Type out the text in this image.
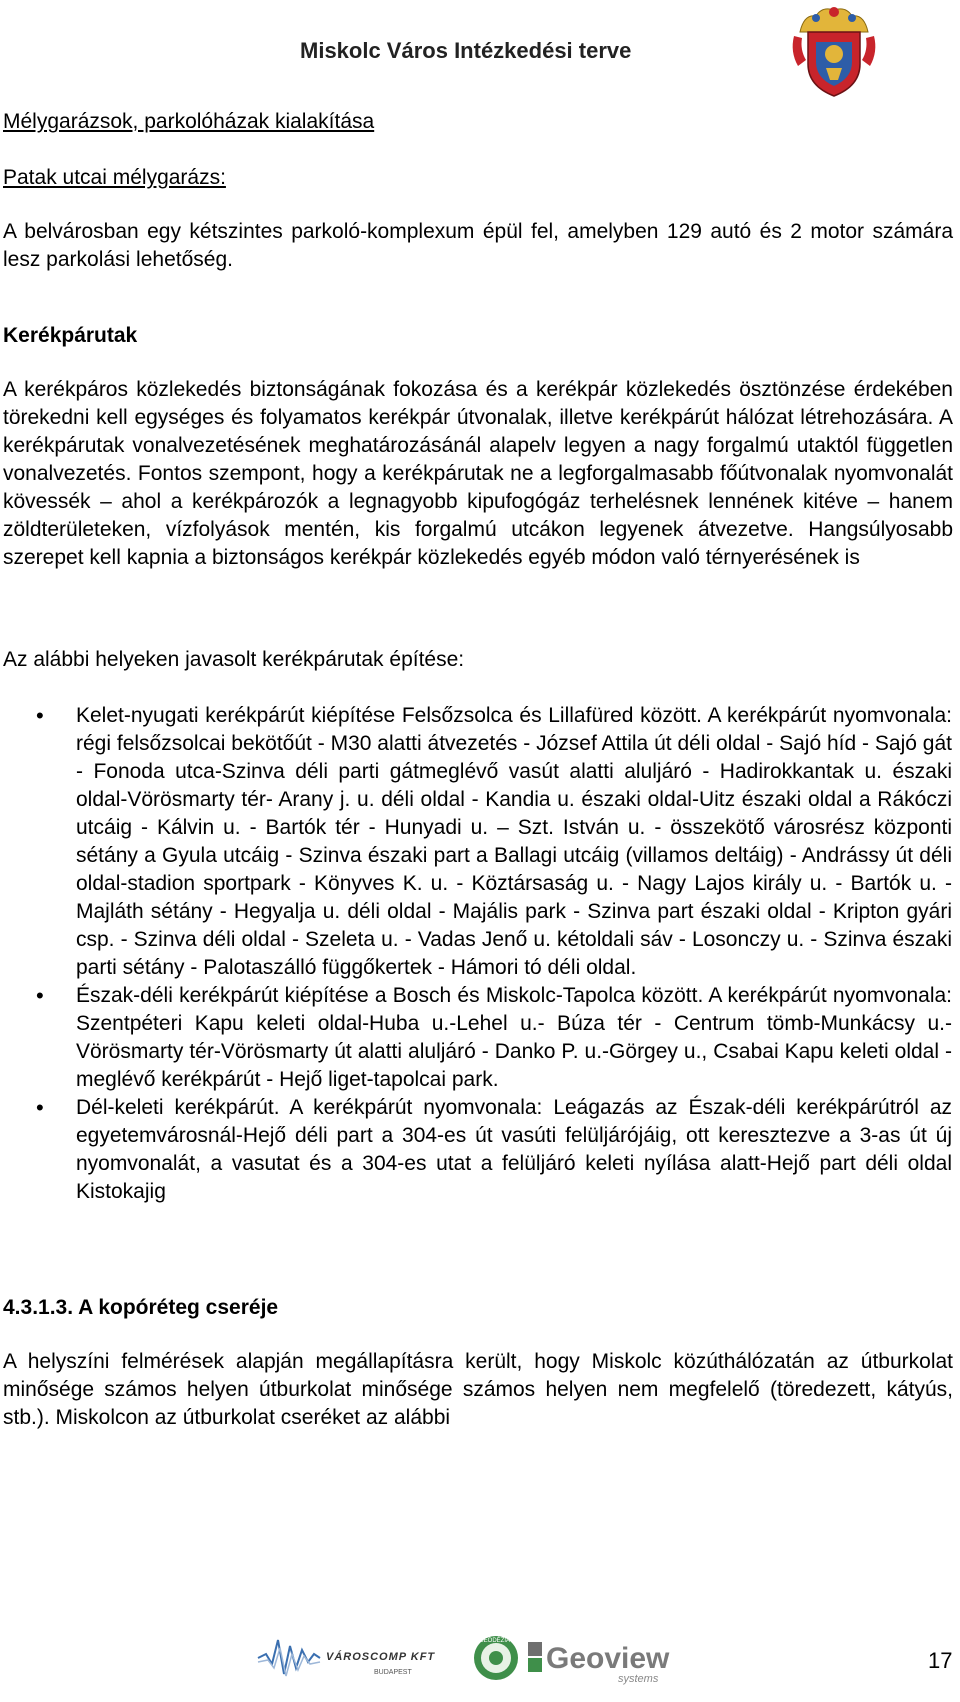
Miskolc Város Intézkedési terve
Mélygarázsok, parkolóházak kialakítása
Patak utcai mélygarázs:
A belvárosban egy kétszintes parkoló-komplexum épül fel, amelyben 129 autó és 2 motor számára lesz parkolási lehetőség.
Kerékpárutak
A kerékpáros közlekedés biztonságának fokozása és a kerékpár közlekedés ösztönzése érdekében törekedni kell egységes és folyamatos kerékpár útvonalak, illetve kerékpárút hálózat létrehozására. A kerékpárutak vonalvezetésének meghatározásánál alapelv legyen a nagy forgalmú utaktól független vonalvezetés. Fontos szempont, hogy a kerékpárutak ne a legforgalmasabb főútvonalak nyomvonalát kövessék – ahol a kerékpározók a legnagyobb kipufogógáz terhelésnek lennének kitéve – hanem zöldterületeken, vízfolyások mentén, kis forgalmú utcákon legyenek átvezetve. Hangsúlyosabb szerepet kell kapnia a biztonságos kerékpár közlekedés egyéb módon való térnyerésének is
Az alábbi helyeken javasolt kerékpárutak építése:
• Kelet-nyugati kerékpárút kiépítése Felsőzsolca és Lillafüred között. A kerékpárút nyomvonala: régi felsőzsolcai bekötőút - M30 alatti átvezetés - József Attila út déli oldal - Sajó híd - Sajó gát - Fonoda utca-Szinva déli parti gátmeglévő vasút alatti aluljáró - Hadirokkantak u. északi oldal-Vörösmarty tér- Arany j. u. déli oldal - Kandia u. északi oldal-Uitz északi oldal a Rákóczi utcáig - Kálvin u. - Bartók tér - Hunyadi u. – Szt. István u. - összekötő városrész központi sétány a Gyula utcáig - Szinva északi part a Ballagi utcáig (villamos deltáig) - Andrássy út déli oldal-stadion sportpark - Könyves K. u. - Köztársaság u. - Nagy Lajos király u. - Bartók u. - Majláth sétány - Hegyalja u. déli oldal - Majális park - Szinva part északi oldal - Kripton gyári csp. - Szinva déli oldal - Szeleta u. - Vadas Jenő u. kétoldali sáv - Losonczy u. - Szinva északi parti sétány - Palotaszálló függőkertek - Hámori tó déli oldal.
• Észak-déli kerékpárút kiépítése a Bosch és Miskolc-Tapolca között. A kerékpárút nyomvonala: Szentpéteri Kapu keleti oldal-Huba u.-Lehel u.- Búza tér - Centrum tömb-Munkácsy u.-Vörösmarty tér-Vörösmarty út alatti aluljáró - Danko P. u.-Görgey u., Csabai Kapu keleti oldal - meglévő kerékpárút - Hejő liget-tapolcai park.
• Dél-keleti kerékpárút. A kerékpárút nyomvonala: Leágazás az Észak-déli kerékpárútról az egyetemvárosnál-Hejő déli part a 304-es út vasúti felüljárójáig, ott keresztezve a 3-as út új nyomvonalát, a vasutat és a 304-es utat a felüljáró keleti nyílása alatt-Hejő part déli oldal Kistokajig
4.3.1.3. A kopóréteg cseréje
A helyszíni felmérések alapján megállapításra került, hogy Miskolc közúthálózatán az útburkolat minősége számos helyen útburkolat minősége számos helyen nem megfelelő (töredezett, kátyús, stb.). Miskolcon az útburkolat cseréket az alábbi
VÁROSCOMP KFT
BUDAPEST
GEODÉZIA
Geoview
systems
17
